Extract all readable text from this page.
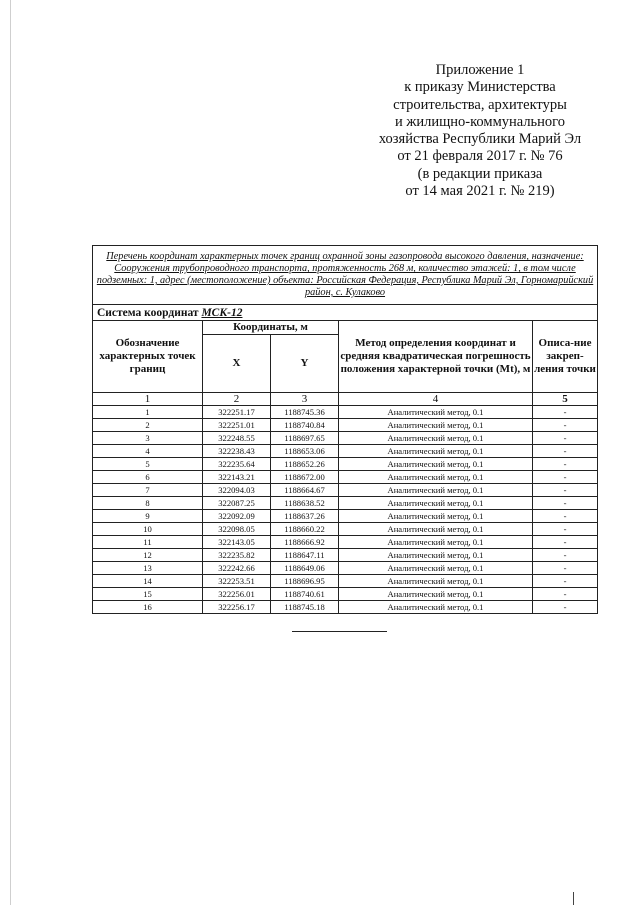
Приложение 1
к приказу Министерства
строительства, архитектуры
и жилищно-коммунального
хозяйства Республики Марий Эл
от 21 февраля 2017 г. № 76
(в редакции приказа
от 14 мая 2021 г. № 219)
Перечень координат характерных точек границ охранной зоны газопровода высокого давления, назначение: Сооружения трубопроводного транспорта, протяженность 268 м, количество этажей: 1, в том числе подземных: 1, адрес (местоположение) объекта: Российская Федерация, Республика Марий Эл, Горномарийский район, с. Кулаково				
Система координат МСК-12				
Обозначение характерных точек границ	Координаты, м		Метод определения координат и средняя квадратическая погрешность положения характерной точки (Mt), м	Описа-ние закреп-ления точки
	X	Y		
1	2	3	4	5
1	322251.17	1188745.36	Аналитический метод, 0.1	-
2	322251.01	1188740.84	Аналитический метод, 0.1	-
3	322248.55	1188697.65	Аналитический метод, 0.1	-
4	322238.43	1188653.06	Аналитический метод, 0.1	-
5	322235.64	1188652.26	Аналитический метод, 0.1	-
6	322143.21	1188672.00	Аналитический метод, 0.1	-
7	322094.03	1188664.67	Аналитический метод, 0.1	-
8	322087.25	1188638.52	Аналитический метод, 0.1	-
9	322092.09	1188637.26	Аналитический метод, 0.1	-
10	322098.05	1188660.22	Аналитический метод, 0.1	-
11	322143.05	1188666.92	Аналитический метод, 0.1	-
12	322235.82	1188647.11	Аналитический метод, 0.1	-
13	322242.66	1188649.06	Аналитический метод, 0.1	-
14	322253.51	1188696.95	Аналитический метод, 0.1	-
15	322256.01	1188740.61	Аналитический метод, 0.1	-
16	322256.17	1188745.18	Аналитический метод, 0.1	-
